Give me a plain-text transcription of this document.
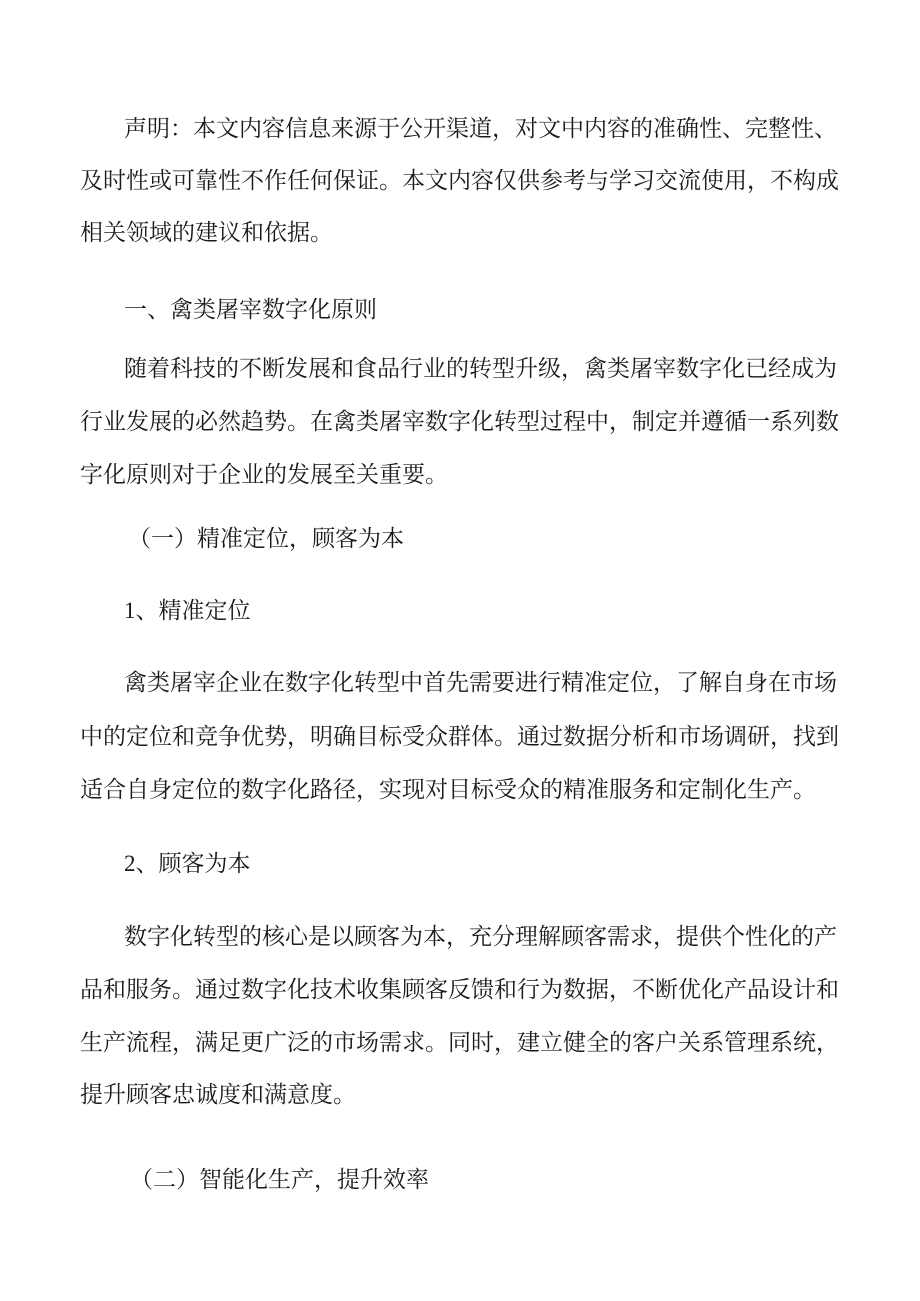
声明：本文内容信息来源于公开渠道，对文中内容的准确性、完整性、

及时性或可靠性不作任何保证。本文内容仅供参考与学习交流使用，不构成

相关领域的建议和依据。

一、禽类屠宰数字化原则

随着科技的不断发展和食品行业的转型升级，禽类屠宰数字化已经成为

行业发展的必然趋势。在禽类屠宰数字化转型过程中，制定并遵循一系列数

字化原则对于企业的发展至关重要。

（一）精准定位，顾客为本
1、精准定位

禽类屠宰企业在数字化转型中首先需要进行精准定位，了解自身在市场

中的定位和竞争优势，明确目标受众群体。通过数据分析和市场调研，找到

适合自身定位的数字化路径，实现对目标受众的精准服务和定制化生产。

2、顾客为本

数字化转型的核心是以顾客为本，充分理解顾客需求，提供个性化的产

品和服务。通过数字化技术收集顾客反馈和行为数据，不断优化产品设计和

生产流程，满足更广泛的市场需求。同时，建立健全的客户关系管理系统，

提升顾客忠诚度和满意度。

（二）智能化生产，提升效率
